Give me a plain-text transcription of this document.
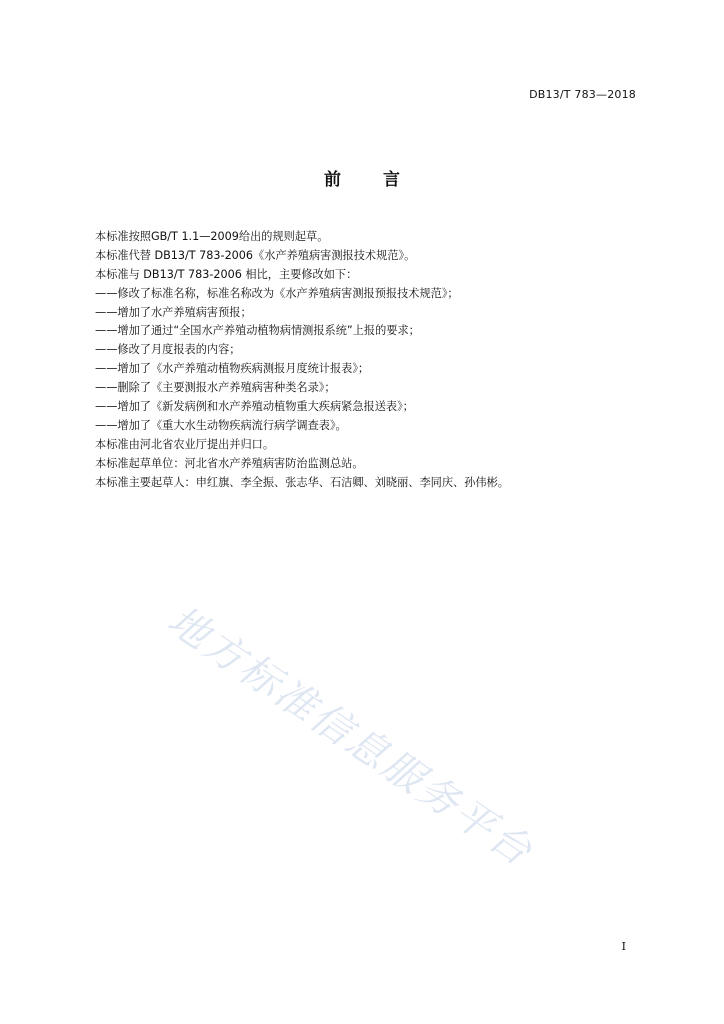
DB13/T 783—2018
前言
本标准按照GB/T 1.1—2009给出的规则起草。
本标准代替 DB13/T 783-2006《水产养殖病害测报技术规范》。
本标准与 DB13/T 783-2006 相比，主要修改如下：
——修改了标准名称，标准名称改为《水产养殖病害测报预报技术规范》；
——增加了水产养殖病害预报；
——增加了通过“全国水产养殖动植物病情测报系统”上报的要求；
——修改了月度报表的内容；
——增加了《水产养殖动植物疾病测报月度统计报表》；
——删除了《主要测报水产养殖病害种类名录》；
——增加了《新发病例和水产养殖动植物重大疾病紧急报送表》；
——增加了《重大水生动物疾病流行病学调查表》。
本标准由河北省农业厅提出并归口。
本标准起草单位：河北省水产养殖病害防治监测总站。
本标准主要起草人：申红旗、李全振、张志华、石洁卿、刘晓丽、李同庆、孙伟彬。
地方标准信息服务平台
I
